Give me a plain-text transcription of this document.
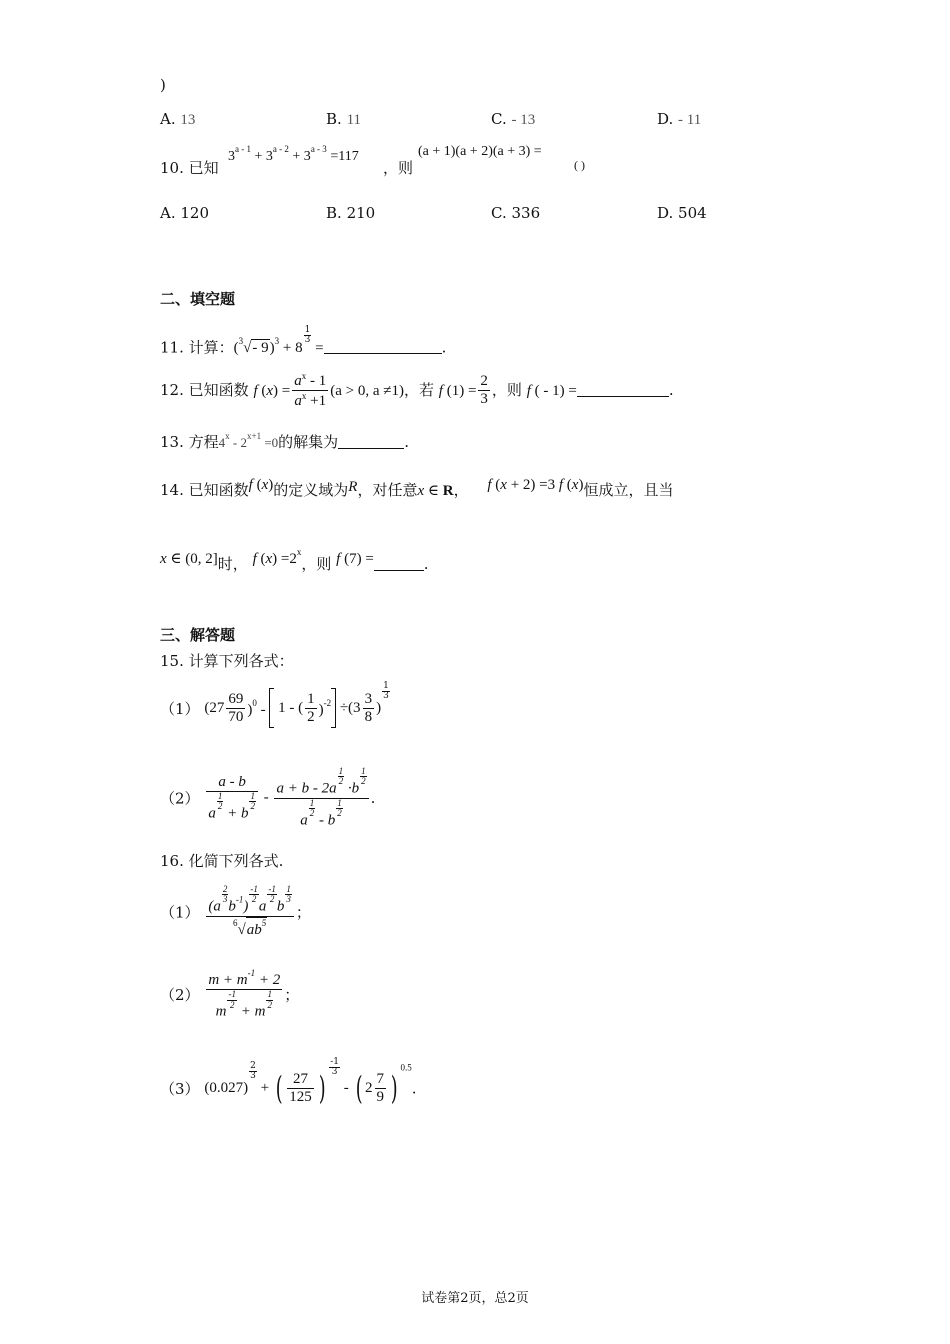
)
A. 13	B. 11	C. - 13	D. - 11
10. 已知
$3^{a - 1} + 3^{a - 2} + 3^{a - 3} =117$
，则
(a + 1)(a + 2)(a + 3) =
( )
A. 120	B. 210	C. 336	D. 504
二、填空题
11. 计算：($^3$√- 9)$^3$ + 8
$\frac{1}{3}$
=	.
12. 已知函数 f $(x) = \frac{a^x - 1}{a^x +1} (a > 0$, a ≠1)，若 f $(1) = \frac{2}{3}$ ，则 f ( - 1) =	.
13. 方程$4^x - 2^{x+1} =0$的解集为	.
14. 已知函数f (x)的定义域为R，对任意x ∈ R， f (x + 2) =3 f (x)恒成立，且当
x ∈ (0, 2]时， f $(x) =2^x$，则 f (7) =	.
三、解答题
15. 计算下列各式：
（1） $(27 \frac{69}{70} )^0 - 1$ - ( $\frac{1}{2} )^{-2} \div(3 \frac{3}{8}$ )
$\frac{1}{3}$
（2） a - b
a
$\frac{1}{2}$
+ b
$\frac{1}{2} - a + b - 2a$
$\frac{1}{2}$
·b
$\frac{1}{2}$
a
$\frac{1}{2}$
- b
$\frac{1}{2}$ .
16. 化简下列各式.
（1） (a
$\frac{2}{3}$
$b^{-1}$)
$\frac{-1}{2}$
a
$\frac{-1}{2}$
b
$\frac{1}{3}$
$^6√ab^5$ ；
（2） $m + m^{-1} + 2$
m
$\frac{-1}{2}$
+ m
$\frac{1}{2}$ ；
（3） (0.027)
$\frac{2}{3}$
+ ( $\frac{27}{125}$ )
$\frac{-1}{3}$
- ( $2 \frac{7}{9} )^{0.5}$.
试卷第2页，总2页
